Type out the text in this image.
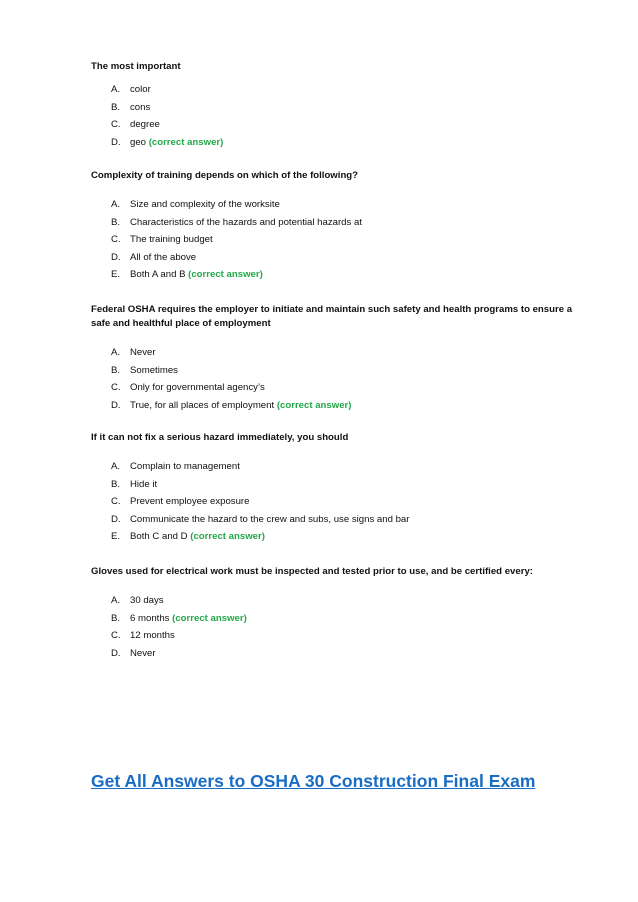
The most important

A. color
B. cons
C. degree
D. geo (correct answer)

Complexity of training depends on which of the following?

A. Size and complexity of the worksite
B. Characteristics of the hazards and potential hazards at
C. The training budget
D. All of the above
E. Both A and B (correct answer)

Federal OSHA requires the employer to initiate and maintain such safety and health programs to ensure a safe and healthful place of employment

A. Never
B. Sometimes
C. Only for governmental agency’s
D. True, for all places of employment (correct answer)

If it can not fix a serious hazard immediately, you should

A. Complain to management
B. Hide it
C. Prevent employee exposure
D. Communicate the hazard to the crew and subs, use signs and bar
E. Both C and D (correct answer)

Gloves used for electrical work must be inspected and tested prior to use, and be certified every:

A. 30 days
B. 6 months (correct answer)
C. 12 months
D. Never
Get All Answers to OSHA 30 Construction Final Exam
